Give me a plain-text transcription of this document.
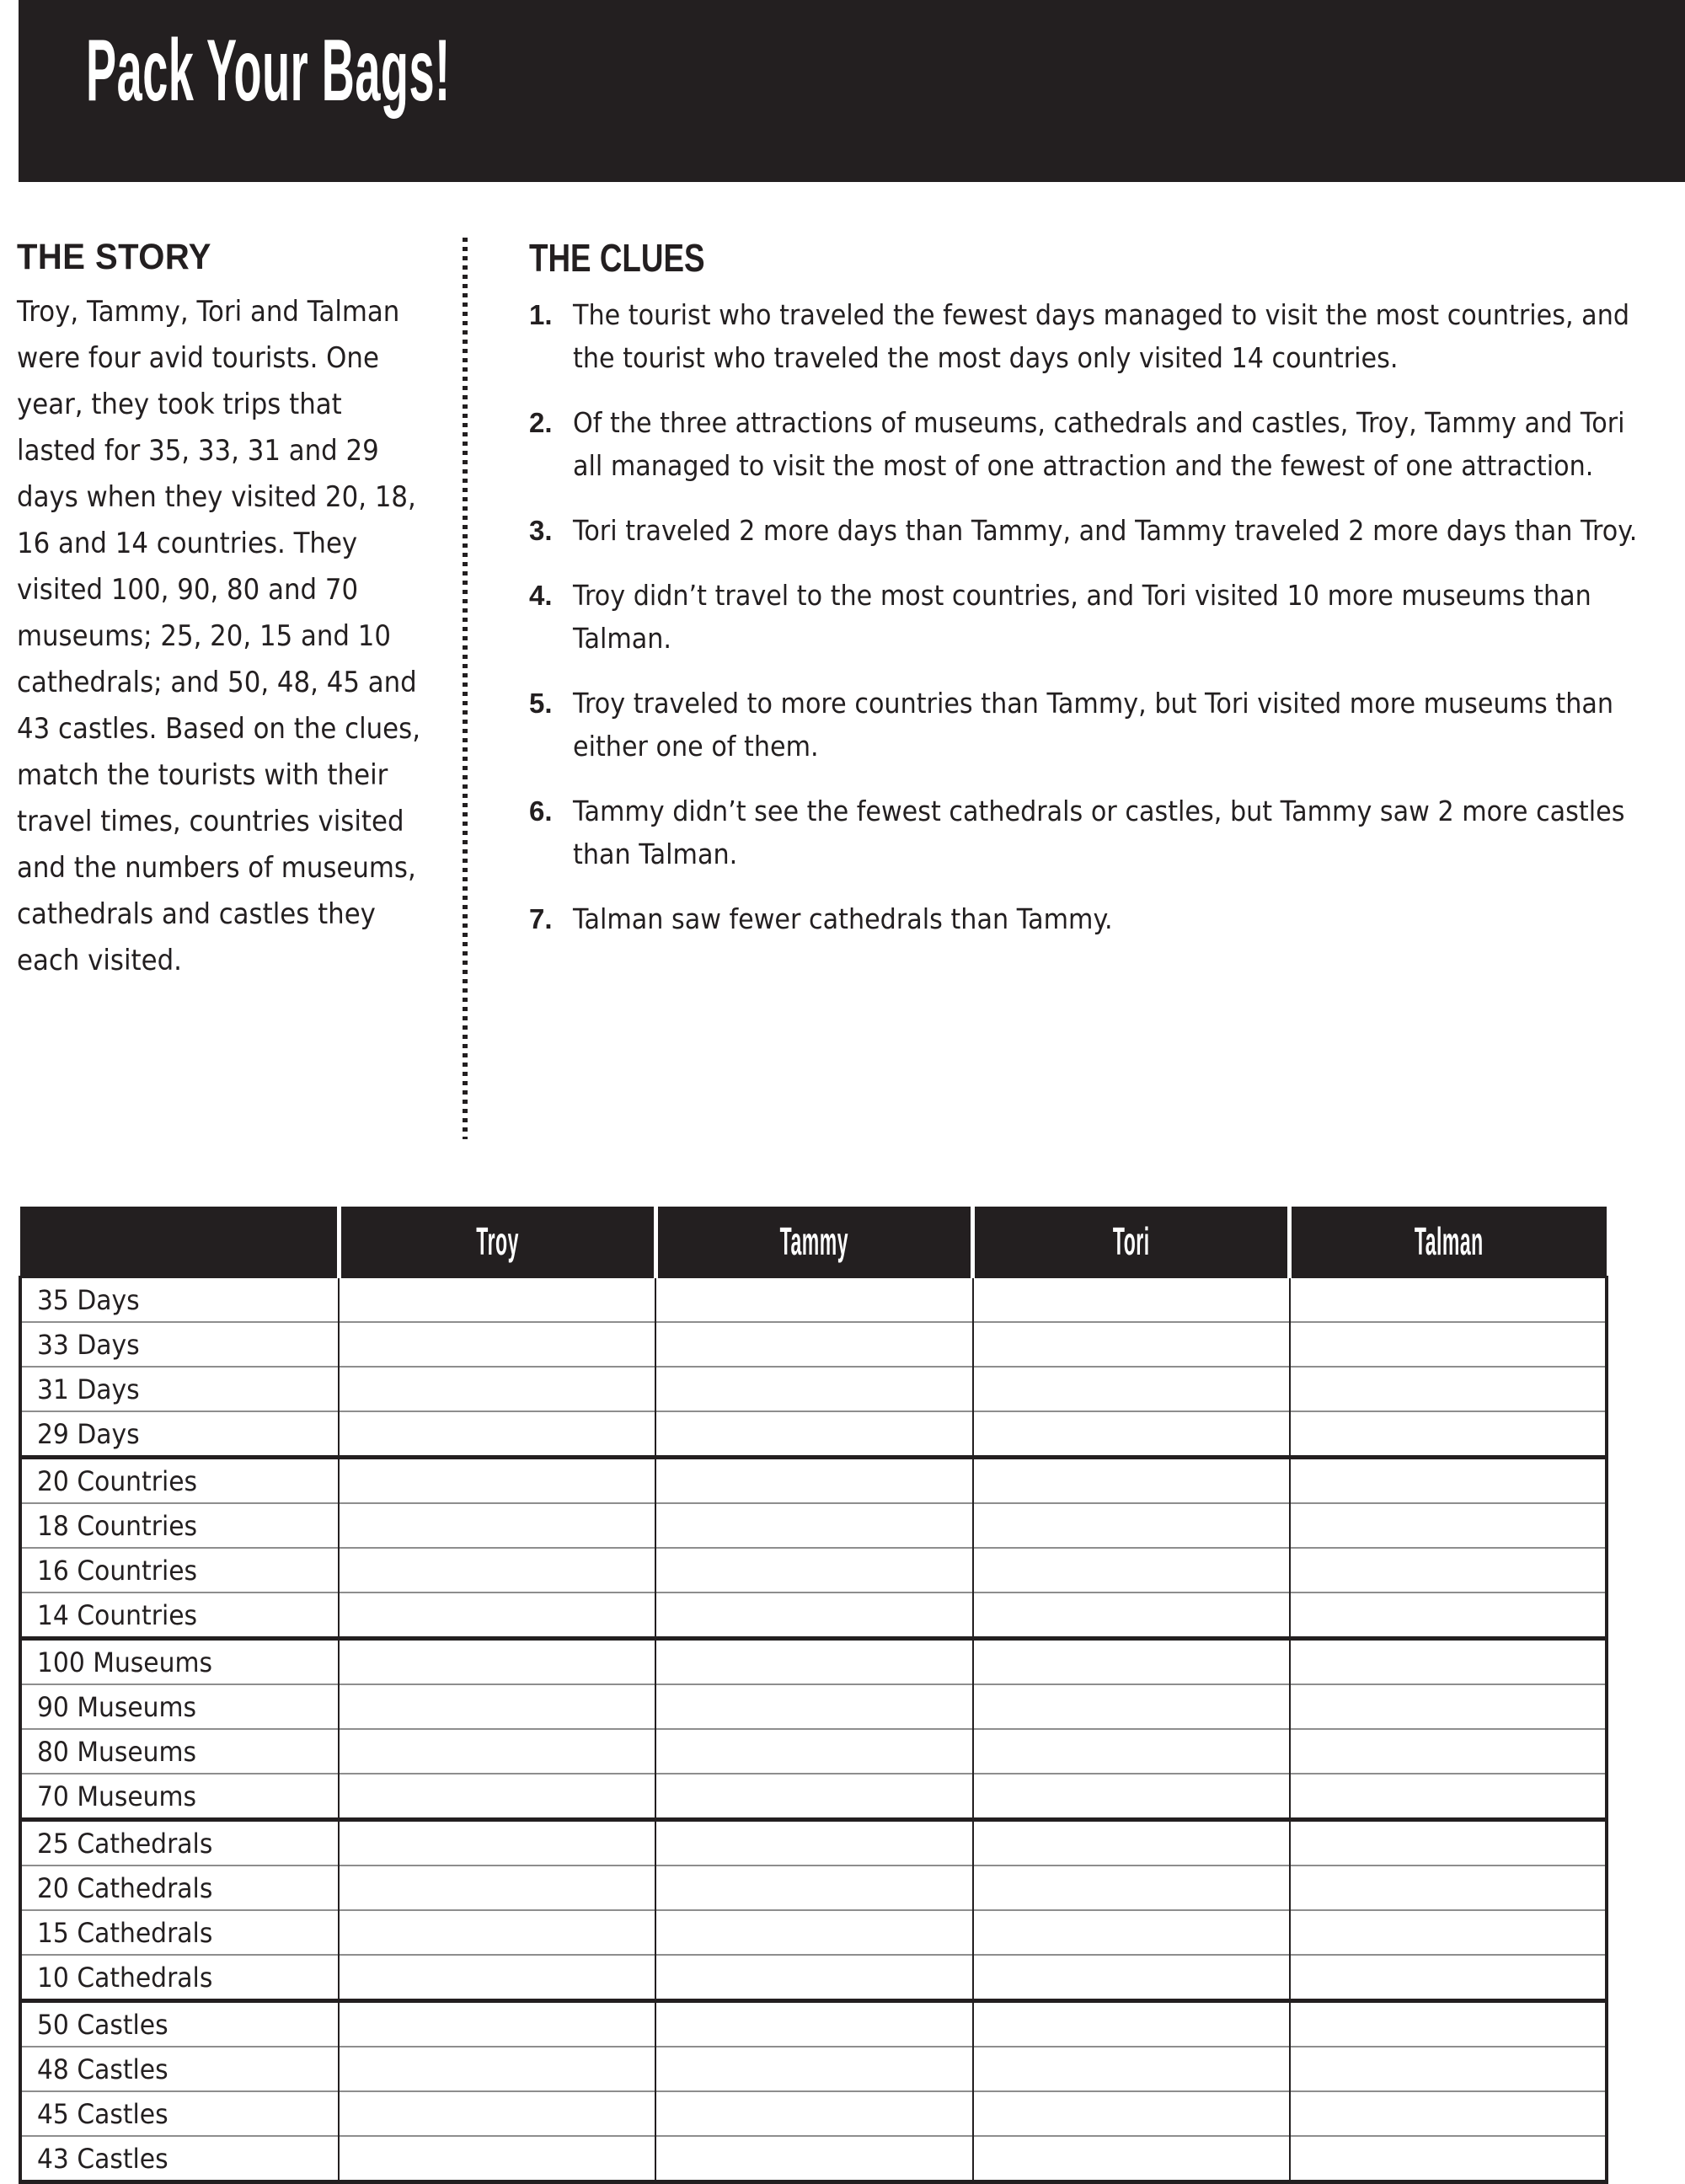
Pack Your Bags!
THE STORY
Troy, Tammy, Tori and Talman were four avid tourists. One year, they took trips that lasted for 35, 33, 31 and 29 days when they visited 20, 18, 16 and 14 countries. They visited 100, 90, 80 and 70 museums; 25, 20, 15 and 10 cathedrals; and 50, 48, 45 and 43 castles. Based on the clues, match the tourists with their travel times, countries visited and the numbers of museums, cathedrals and castles they each visited.
THE CLUES
1. The tourist who traveled the fewest days managed to visit the most countries, and the tourist who traveled the most days only visited 14 countries.
2. Of the three attractions of museums, cathedrals and castles, Troy, Tammy and Tori all managed to visit the most of one attraction and the fewest of one attraction.
3. Tori traveled 2 more days than Tammy, and Tammy traveled 2 more days than Troy.
4. Troy didn’t travel to the most countries, and Tori visited 10 more museums than Talman.
5. Troy traveled to more countries than Tammy, but Tori visited more museums than either one of them.
6. Tammy didn’t see the fewest cathedrals or castles, but Tammy saw 2 more castles than Talman.
7. Talman saw fewer cathedrals than Tammy.
	Troy	Tammy	Tori	Talman
35 Days				
33 Days				
31 Days				
29 Days				
20 Countries				
18 Countries				
16 Countries				
14 Countries				
100 Museums				
90 Museums				
80 Museums				
70 Museums				
25 Cathedrals				
20 Cathedrals				
15 Cathedrals				
10 Cathedrals				
50 Castles				
48 Castles				
45 Castles				
43 Castles				
